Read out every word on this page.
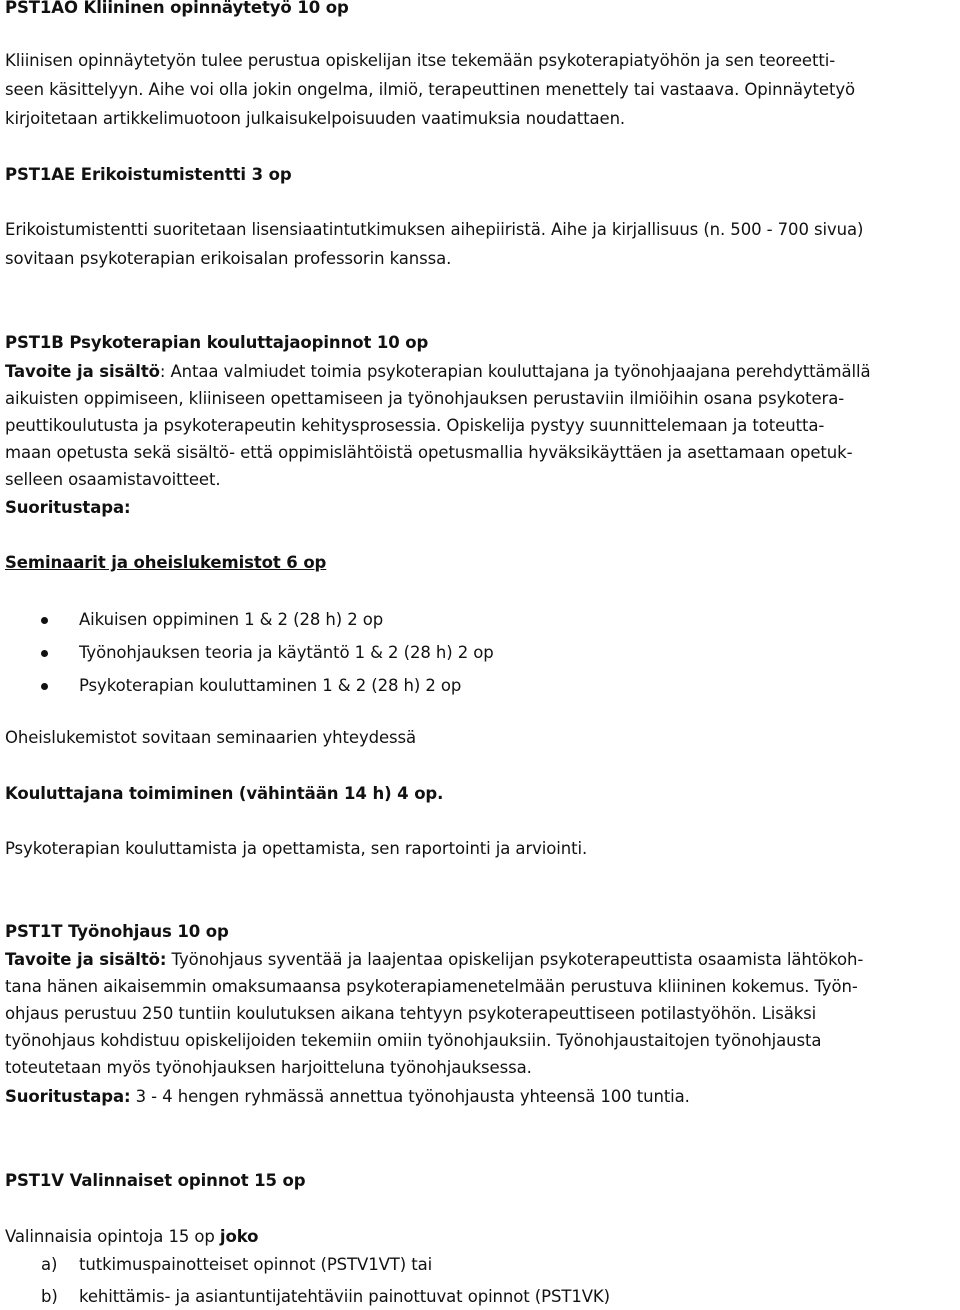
PST1AO Kliininen opinnäytetyö 10 op
Kliinisen opinnäytetyön tulee perustua opiskelijan itse tekemään psykoterapiatyöhön ja sen teoreetti-
seen käsittelyyn. Aihe voi olla jokin ongelma, ilmiö, terapeuttinen menettely tai vastaava. Opinnäytetyö
kirjoitetaan artikkelimuotoon julkaisukelpoisuuden vaatimuksia noudattaen.
PST1AE Erikoistumistentti 3 op
Erikoistumistentti suoritetaan lisensiaatintutkimuksen aihepiiristä. Aihe ja kirjallisuus (n. 500 - 700 sivua)
sovitaan psykoterapian erikoisalan professorin kanssa.
PST1B Psykoterapian kouluttajaopinnot 10 op
Tavoite ja sisältö: Antaa valmiudet toimia psykoterapian kouluttajana ja työnohjaajana perehdyttämällä
aikuisten oppimiseen, kliiniseen opettamiseen ja työnohjauksen perustaviin ilmiöihin osana psykotera-
peuttikoulutusta ja psykoterapeutin kehitysprosessia. Opiskelija pystyy suunnittelemaan ja toteutta-
maan opetusta sekä sisältö- että oppimislähtöistä opetusmallia hyväksikäyttäen ja asettamaan opetuk-
selleen osaamistavoitteet.
Suoritustapa:
Seminaarit ja oheislukemistot 6 op
Aikuisen oppiminen 1 & 2 (28 h) 2 op
Työnohjauksen teoria ja käytäntö 1 & 2 (28 h) 2 op
Psykoterapian kouluttaminen 1 & 2 (28 h) 2 op
Oheislukemistot sovitaan seminaarien yhteydessä
Kouluttajana toimiminen (vähintään 14 h) 4 op.
Psykoterapian kouluttamista ja opettamista, sen raportointi ja arviointi.
PST1T Työnohjaus 10 op
Tavoite ja sisältö: Työnohjaus syventää ja laajentaa opiskelijan psykoterapeuttista osaamista lähtökoh-
tana hänen aikaisemmin omaksumaansa psykoterapiamenetelmään perustuva kliininen kokemus. Työn-
ohjaus perustuu 250 tuntiin koulutuksen aikana tehtyyn psykoterapeuttiseen potilastyöhön. Lisäksi
työnohjaus kohdistuu opiskelijoiden tekemiin omiin työnohjauksiin. Työnohjaustaitojen työnohjausta
toteutetaan myös työnohjauksen harjoitteluna työnohjauksessa.
Suoritustapa: 3 - 4 hengen ryhmässä annettua työnohjausta yhteensä 100 tuntia.
PST1V Valinnaiset opinnot 15 op
Valinnaisia opintoja 15 op joko
a) tutkimuspainotteiset opinnot (PSTV1VT) tai
b) kehittämis- ja asiantuntijatehtäviin painottuvat opinnot (PST1VK)
